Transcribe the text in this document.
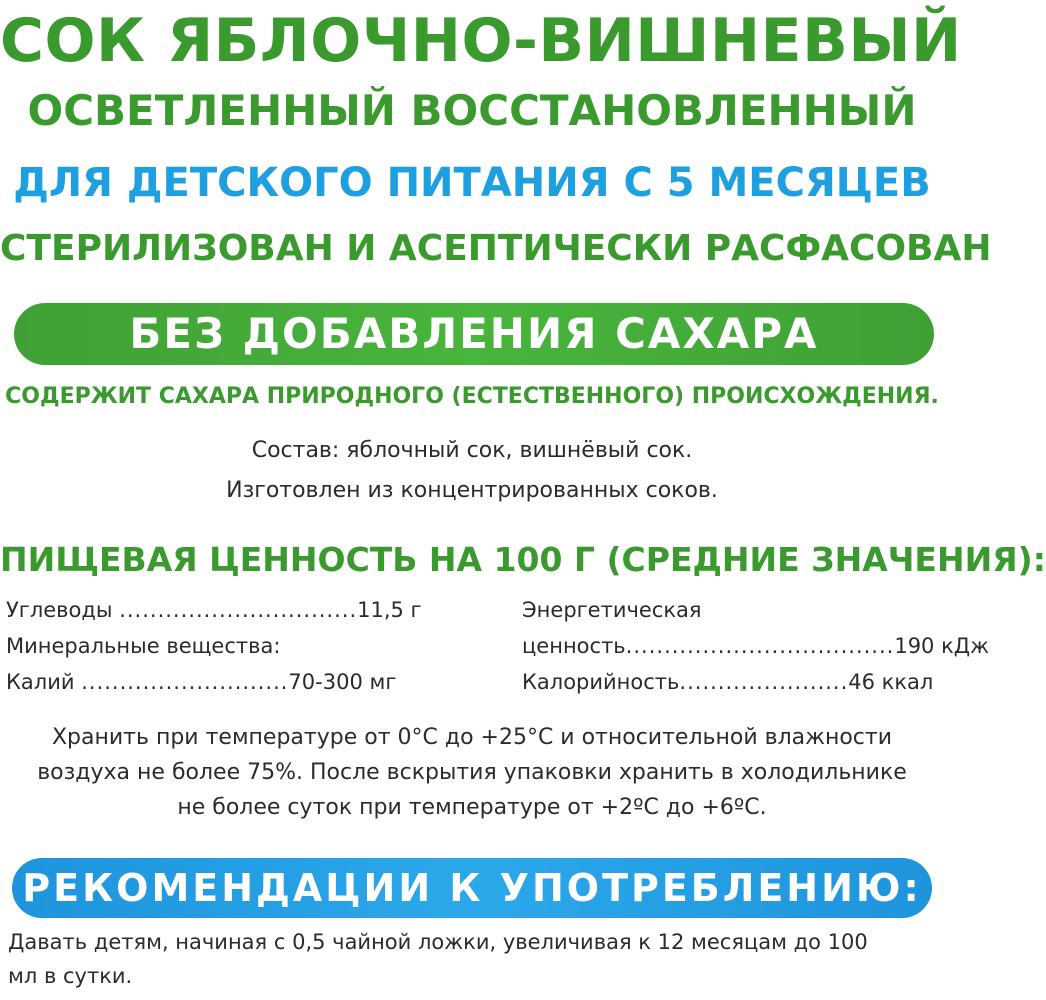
СОК ЯБЛОЧНО-ВИШНЕВЫЙ
ОСВЕТЛЕННЫЙ ВОССТАНОВЛЕННЫЙ
ДЛЯ ДЕТСКОГО ПИТАНИЯ С 5 МЕСЯЦЕВ
СТЕРИЛИЗОВАН И АСЕПТИЧЕСКИ РАСФАСОВАН
БЕЗ ДОБАВЛЕНИЯ САХАРА
СОДЕРЖИТ САХАРА ПРИРОДНОГО (ЕСТЕСТВЕННОГО) ПРОИСХОЖДЕНИЯ.
Состав: яблочный сок, вишнёвый сок.
Изготовлен из концентрированных соков.
ПИЩЕВАЯ ЦЕННОСТЬ НА 100 Г (СРЕДНИЕ ЗНАЧЕНИЯ):
Углеводы ...............................11,5 г
Минеральные вещества:
Калий ...........................70-300 мг
Энергетическая
ценность...................................190 кДж
Калорийность......................46 ккал
Хранить при температуре от 0°С до +25°С и относительной влажности
воздуха не более 75%. После вскрытия упаковки хранить в холодильнике
не более суток при температуре от +2ºС до +6ºС.
РЕКОМЕНДАЦИИ К УПОТРЕБЛЕНИЮ:
Давать детям, начиная с 0,5 чайной ложки, увеличивая к 12 месяцам до 100
мл в сутки.
